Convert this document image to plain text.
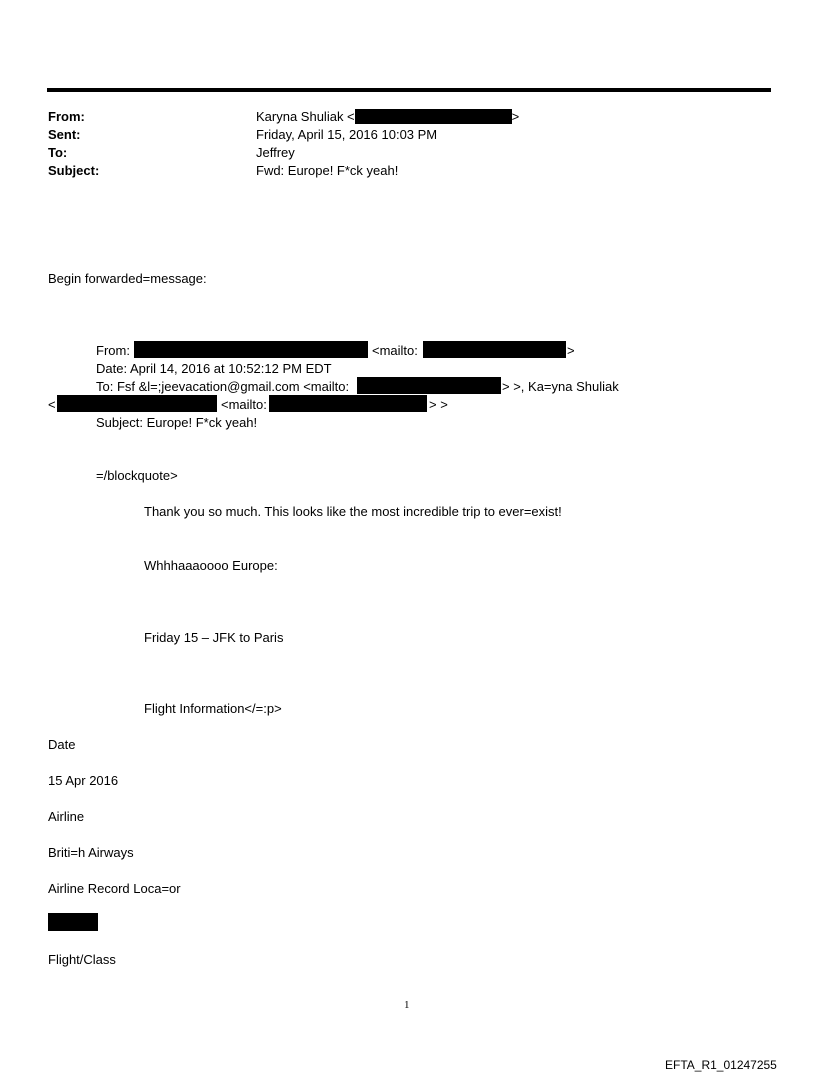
From:	Karyna Shuliak <	>
Sent:	Friday, April 15, 2016 10:03 PM
To:	Jeffrey
Subject:	Fwd: Europe! F*ck yeah!
Begin forwarded=message:
From:	<mailto:	>
Date: April 14, 2016 at 10:52:12 PM EDT
To: Fsf &l=;jeevacation@gmail.com <mailto:	> >, Ka=yna Shuliak
<	<mailto:	> >
Subject: Europe! F*ck yeah!
=/blockquote>
Thank you so much. This looks like the most incredible trip to ever=exist!
Whhhaaaoooo Europe:
Friday 15 – JFK to Paris
Flight Information</=:p>
Date
15 Apr 2016
Airline
Briti=h Airways
Airline Record Loca=or
Flight/Class
1
EFTA_R1_01247255
